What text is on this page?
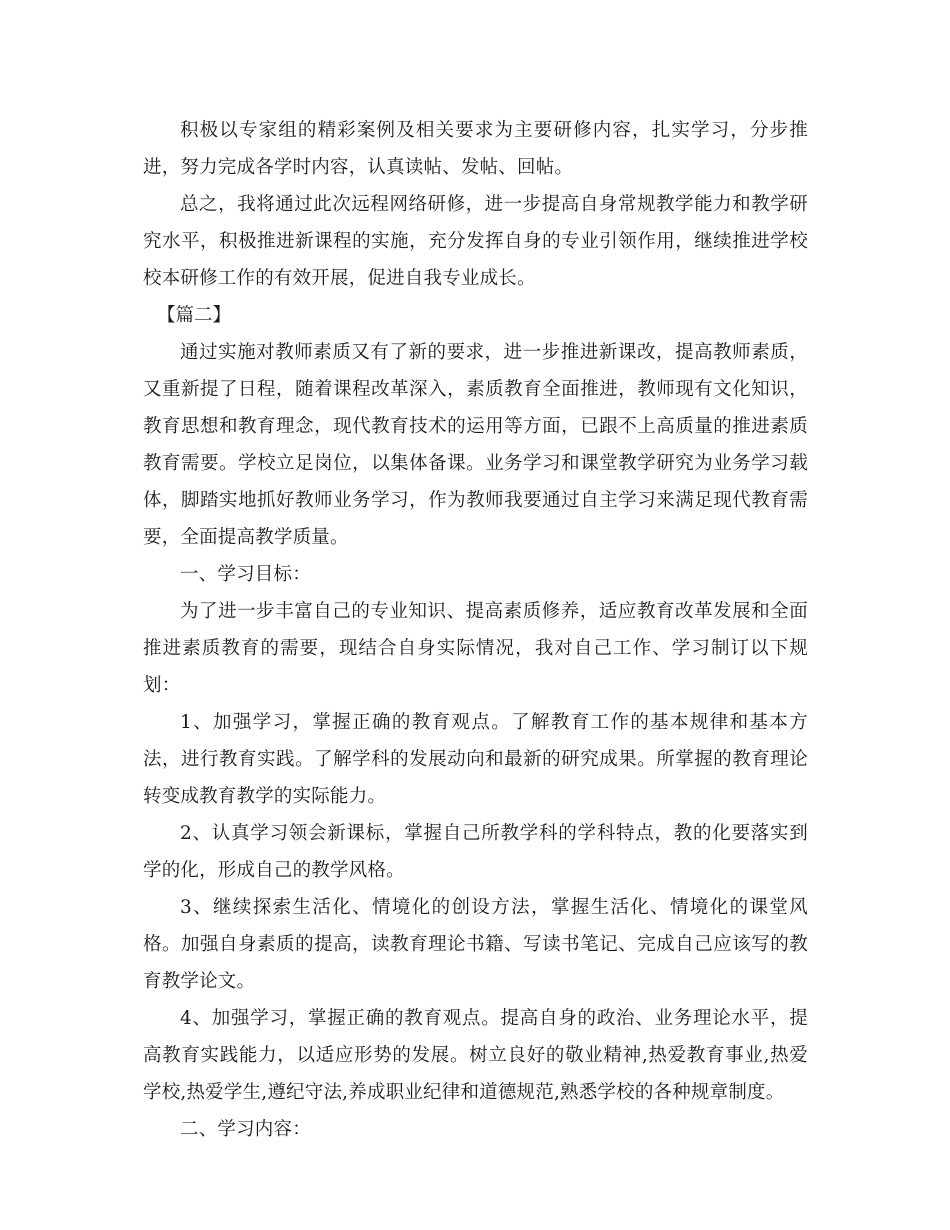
积极以专家组的精彩案例及相关要求为主要研修内容，扎实学习，分步推进，努力完成各学时内容，认真读帖、发帖、回帖。

总之，我将通过此次远程网络研修，进一步提高自身常规教学能力和教学研究水平，积极推进新课程的实施，充分发挥自身的专业引领作用，继续推进学校校本研修工作的有效开展，促进自我专业成长。

【篇二】

通过实施对教师素质又有了新的要求，进一步推进新课改，提高教师素质，又重新提了日程，随着课程改革深入，素质教育全面推进，教师现有文化知识，教育思想和教育理念，现代教育技术的运用等方面，已跟不上高质量的推进素质教育需要。学校立足岗位，以集体备课。业务学习和课堂教学研究为业务学习载体，脚踏实地抓好教师业务学习，作为教师我要通过自主学习来满足现代教育需要，全面提高教学质量。

一、学习目标：

为了进一步丰富自己的专业知识、提高素质修养，适应教育改革发展和全面推进素质教育的需要，现结合自身实际情况，我对自己工作、学习制订以下规划：

1、加强学习，掌握正确的教育观点。了解教育工作的基本规律和基本方法，进行教育实践。了解学科的发展动向和最新的研究成果。所掌握的教育理论转变成教育教学的实际能力。

2、认真学习领会新课标，掌握自己所教学科的学科特点，教的化要落实到学的化，形成自己的教学风格。

3、继续探索生活化、情境化的创设方法，掌握生活化、情境化的课堂风格。加强自身素质的提高，读教育理论书籍、写读书笔记、完成自己应该写的教育教学论文。

4、加强学习，掌握正确的教育观点。提高自身的政治、业务理论水平，提高教育实践能力，以适应形势的发展。树立良好的敬业精神,热爱教育事业,热爱学校,热爱学生,遵纪守法,养成职业纪律和道德规范,熟悉学校的各种规章制度。

二、学习内容：
